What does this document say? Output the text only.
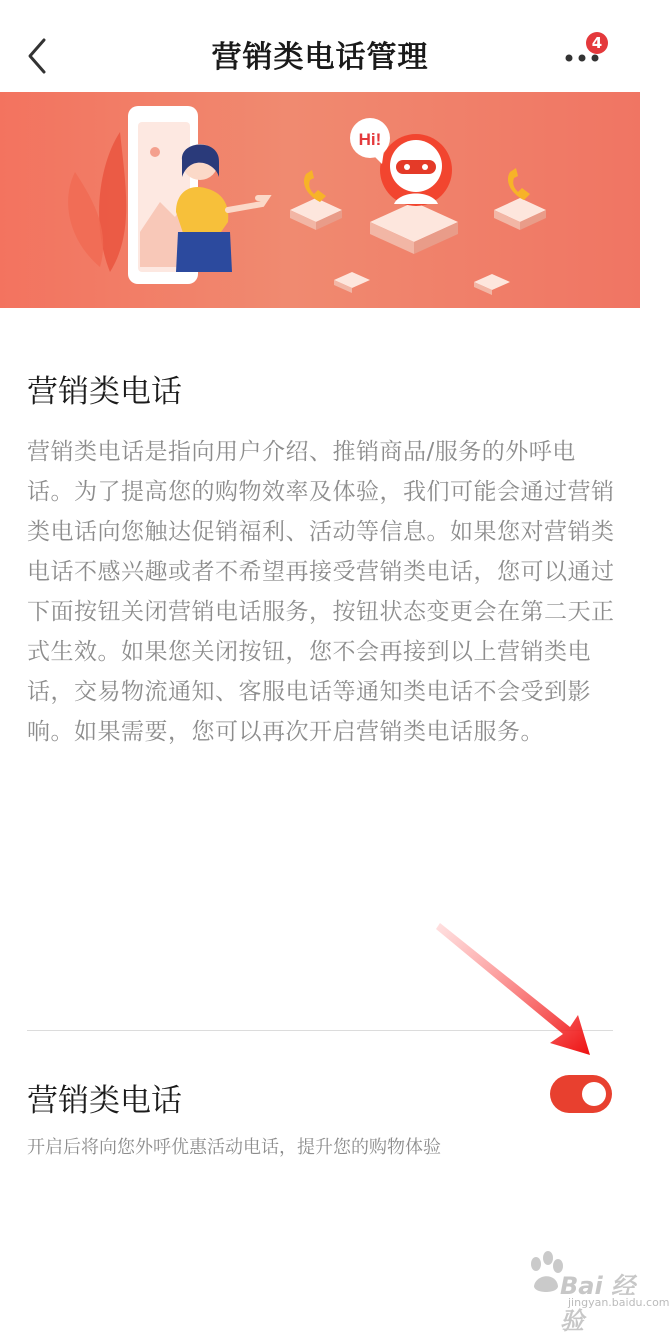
营销类电话管理	4
Hi!
营销类电话
营销类电话是指向用户介绍、推销商品/服务的外呼电话。为了提高您的购物效率及体验，我们可能会通过营销类电话向您触达促销福利、活动等信息。如果您对营销类电话不感兴趣或者不希望再接受营销类电话，您可以通过下面按钮关闭营销电话服务，按钮状态变更会在第二天正式生效。如果您关闭按钮，您不会再接到以上营销类电话，交易物流通知、客服电话等通知类电话不会受到影响。如果需要，您可以再次开启营销类电话服务。
营销类电话
开启后将向您外呼优惠活动电话，提升您的购物体验
Bai 经验
jingyan.baidu.com
